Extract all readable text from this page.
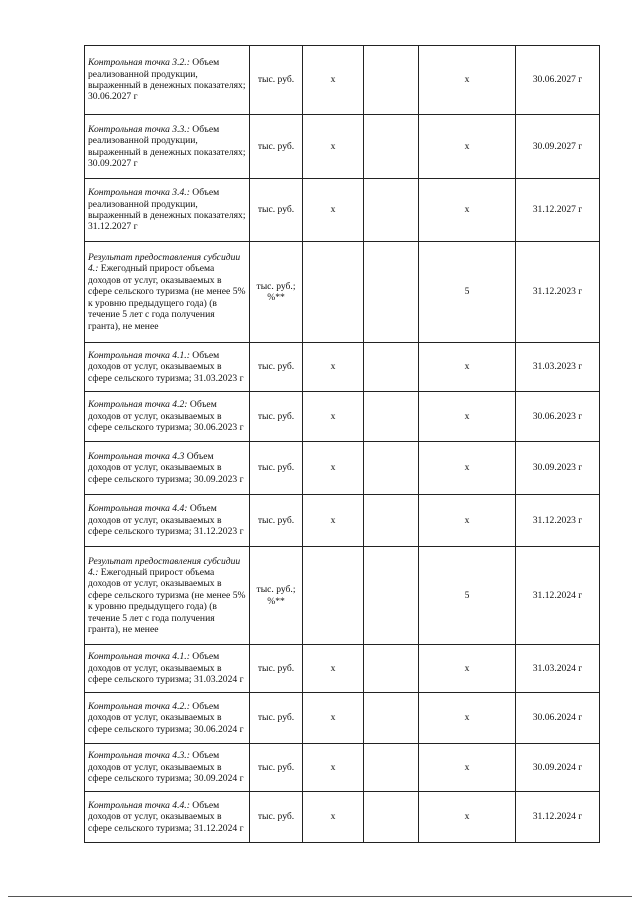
Контрольная точка 3.2.: Объем реализованной продукции, выраженный в денежных показателях; 30.06.2027 г	тыс. руб.	x		x	30.06.2027 г
Контрольная точка 3.3.: Объем реализованной продукции, выраженный в денежных показателях; 30.09.2027 г	тыс. руб.	x		x	30.09.2027 г
Контрольная точка 3.4.: Объем реализованной продукции, выраженный в денежных показателях; 31.12.2027 г	тыс. руб.	x		x	31.12.2027 г
Результат предоставления субсидии 4.: Ежегодный прирост объема доходов от услуг, оказываемых в сфере сельского туризма (не менее 5% к уровню предыдущего года) (в течение 5 лет с года получения гранта), не менее	тыс. руб.; %**			5	31.12.2023 г
Контрольная точка 4.1.: Объем доходов от услуг, оказываемых в сфере сельского туризма; 31.03.2023 г	тыс. руб.	x		x	31.03.2023 г
Контрольная точка 4.2: Объем доходов от услуг, оказываемых в сфере сельского туризма; 30.06.2023 г	тыс. руб.	x		x	30.06.2023 г
Контрольная точка 4.3 Объем доходов от услуг, оказываемых в сфере сельского туризма; 30.09.2023 г	тыс. руб.	x		x	30.09.2023 г
Контрольная точка 4.4: Объем доходов от услуг, оказываемых в сфере сельского туризма; 31.12.2023 г	тыс. руб.	x		x	31.12.2023 г
Результат предоставления субсидии 4.: Ежегодный прирост объема доходов от услуг, оказываемых в сфере сельского туризма (не менее 5% к уровню предыдущего года) (в течение 5 лет с года получения гранта), не менее	тыс. руб.; %**			5	31.12.2024 г
Контрольная точка 4.1.: Объем доходов от услуг, оказываемых в сфере сельского туризма; 31.03.2024 г	тыс. руб.	x		x	31.03.2024 г
Контрольная точка 4.2.: Объем доходов от услуг, оказываемых в сфере сельского туризма; 30.06.2024 г	тыс. руб.	x		x	30.06.2024 г
Контрольная точка 4.3.: Объем доходов от услуг, оказываемых в сфере сельского туризма; 30.09.2024 г	тыс. руб.	x		x	30.09.2024 г
Контрольная точка 4.4.: Объем доходов от услуг, оказываемых в сфере сельского туризма; 31.12.2024 г	тыс. руб.	x		x	31.12.2024 г
